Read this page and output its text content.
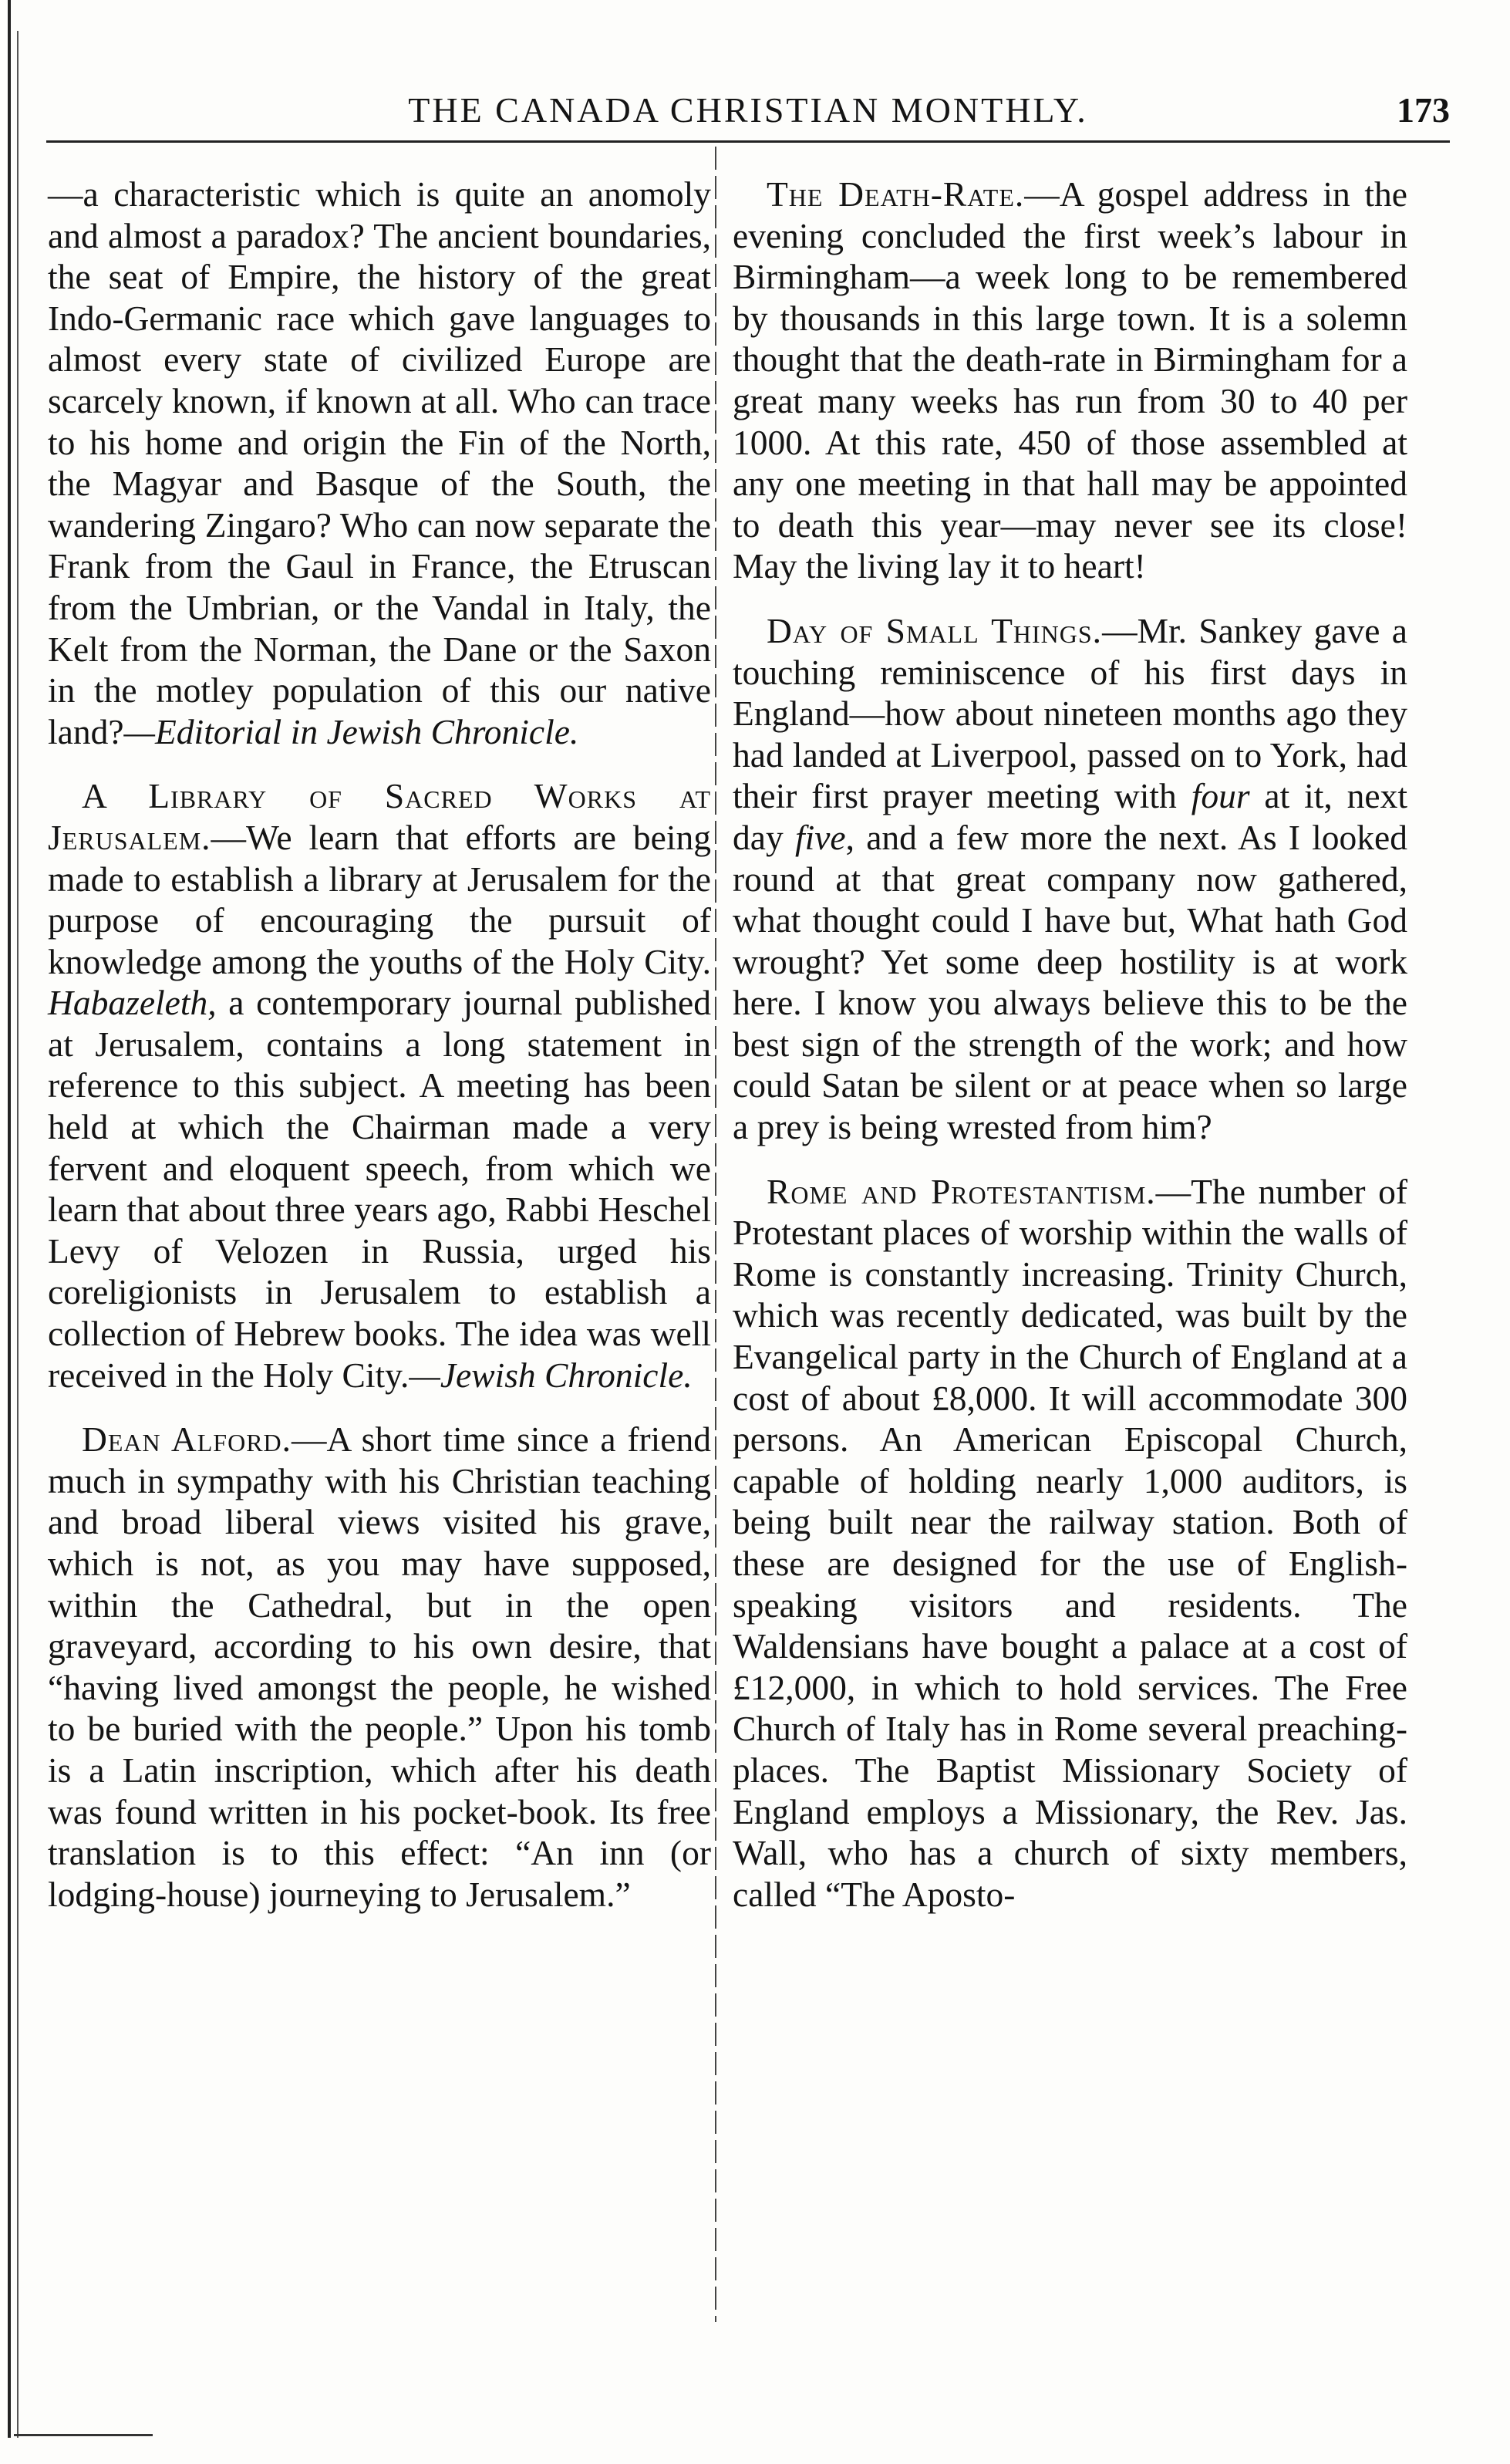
THE CANADA CHRISTIAN MONTHLY.	173

—a characteristic which is quite an anomoly and almost a paradox? The ancient boundaries, the seat of Empire, the history of the great Indo-Germanic race which gave languages to almost every state of civilized Europe are scarcely known, if known at all. Who can trace to his home and origin the Fin of the North, the Magyar and Basque of the South, the wandering Zingaro? Who can now separate the Frank from the Gaul in France, the Etruscan from the Umbrian, or the Vandal in Italy, the Kelt from the Norman, the Dane or the Saxon in the motley population of this our native land?—Editorial in Jewish Chronicle.

A Library of Sacred Works at Jerusalem.—We learn that efforts are being made to establish a library at Jerusalem for the purpose of encouraging the pursuit of knowledge among the youths of the Holy City. Habazeleth, a contemporary journal published at Jerusalem, contains a long statement in reference to this subject. A meeting has been held at which the Chairman made a very fervent and eloquent speech, from which we learn that about three years ago, Rabbi Heschel Levy of Velozen in Russia, urged his coreligionists in Jerusalem to establish a collection of Hebrew books. The idea was well received in the Holy City.—Jewish Chronicle.

Dean Alford.—A short time since a friend much in sympathy with his Christian teaching and broad liberal views visited his grave, which is not, as you may have supposed, within the Cathedral, but in the open graveyard, according to his own desire, that “having lived amongst the people, he wished to be buried with the people.” Upon his tomb is a Latin inscription, which after his death was found written in his pocket-book. Its free translation is to this effect: “An inn (or lodging-house) journeying to Jerusalem.”

The Death-Rate.—A gospel address in the evening concluded the first week’s labour in Birmingham—a week long to be remembered by thousands in this large town. It is a solemn thought that the death-rate in Birmingham for a great many weeks has run from 30 to 40 per 1000. At this rate, 450 of those assembled at any one meeting in that hall may be appointed to death this year—may never see its close! May the living lay it to heart!

Day of Small Things.—Mr. Sankey gave a touching reminiscence of his first days in England—how about nineteen months ago they had landed at Liverpool, passed on to York, had their first prayer meeting with four at it, next day five, and a few more the next. As I looked round at that great company now gathered, what thought could I have but, What hath God wrought? Yet some deep hostility is at work here. I know you always believe this to be the best sign of the strength of the work; and how could Satan be silent or at peace when so large a prey is being wrested from him?

Rome and Protestantism.—The number of Protestant places of worship within the walls of Rome is constantly increasing. Trinity Church, which was recently dedicated, was built by the Evangelical party in the Church of England at a cost of about £8,000. It will accommodate 300 persons. An American Episcopal Church, capable of holding nearly 1,000 auditors, is being built near the railway station. Both of these are designed for the use of English-speaking visitors and residents. The Waldensians have bought a palace at a cost of £12,000, in which to hold services. The Free Church of Italy has in Rome several preaching-places. The Baptist Missionary Society of England employs a Missionary, the Rev. Jas. Wall, who has a church of sixty members, called “The Aposto-
